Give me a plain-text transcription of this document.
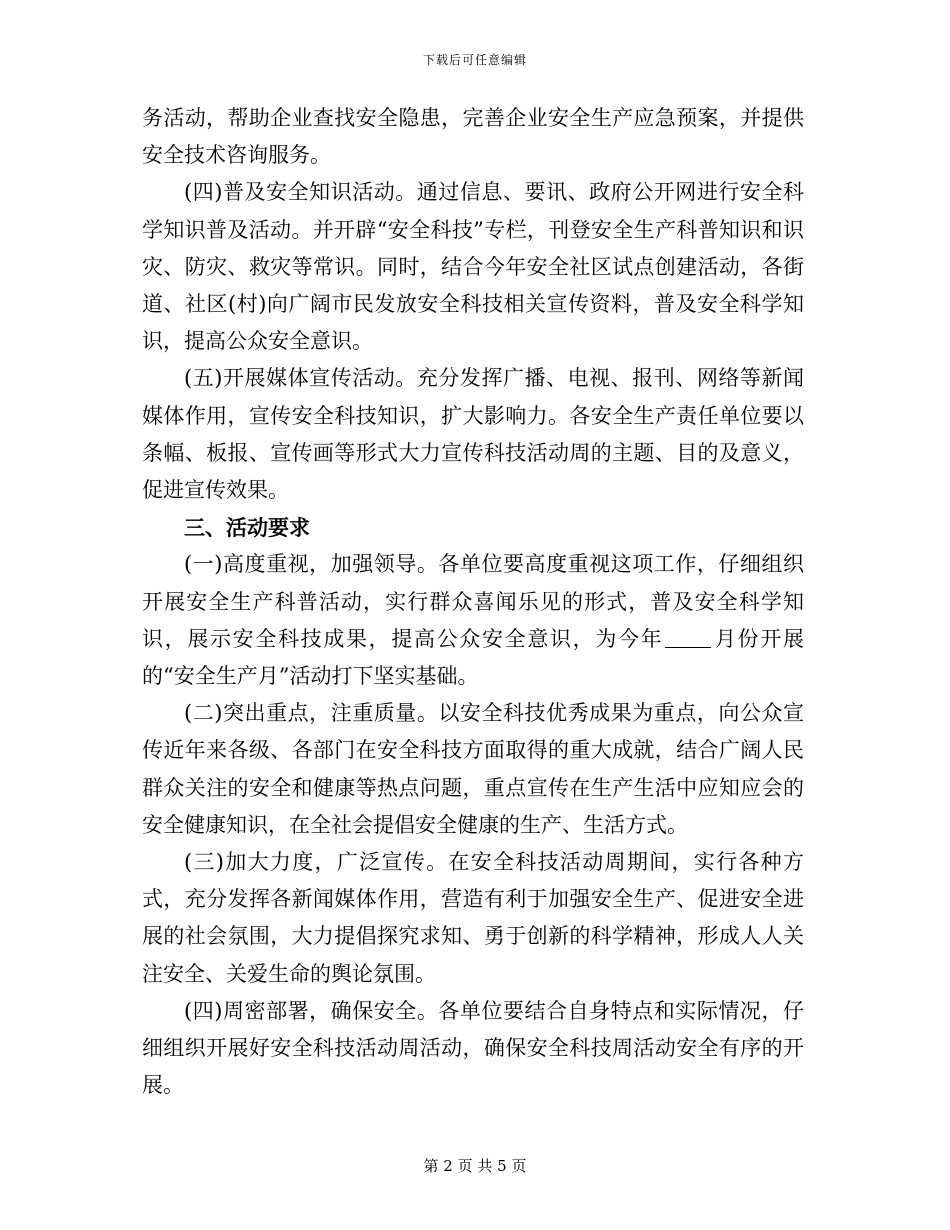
下载后可任意编辑

务活动，帮助企业查找安全隐患，完善企业安全生产应急预案，并提供安全技术咨询服务。

(四)普及安全知识活动。通过信息、要讯、政府公开网进行安全科学知识普及活动。并开辟“安全科技”专栏，刊登安全生产科普知识和识灾、防灾、救灾等常识。同时，结合今年安全社区试点创建活动，各街道、社区(村)向广阔市民发放安全科技相关宣传资料，普及安全科学知识，提高公众安全意识。

(五)开展媒体宣传活动。充分发挥广播、电视、报刊、网络等新闻媒体作用，宣传安全科技知识，扩大影响力。各安全生产责任单位要以条幅、板报、宣传画等形式大力宣传科技活动周的主题、目的及意义，促进宣传效果。

三、活动要求

(一)高度重视，加强领导。各单位要高度重视这项工作，仔细组织开展安全生产科普活动，实行群众喜闻乐见的形式，普及安全科学知识，展示安全科技成果，提高公众安全意识，为今年 月份开展的“安全生产月”活动打下坚实基础。

(二)突出重点，注重质量。以安全科技优秀成果为重点，向公众宣传近年来各级、各部门在安全科技方面取得的重大成就，结合广阔人民群众关注的安全和健康等热点问题，重点宣传在生产生活中应知应会的安全健康知识，在全社会提倡安全健康的生产、生活方式。

(三)加大力度，广泛宣传。在安全科技活动周期间，实行各种方式，充分发挥各新闻媒体作用，营造有利于加强安全生产、促进安全进展的社会氛围，大力提倡探究求知、勇于创新的科学精神，形成人人关注安全、关爱生命的舆论氛围。

(四)周密部署，确保安全。各单位要结合自身特点和实际情况，仔细组织开展好安全科技活动周活动，确保安全科技周活动安全有序的开展。

第 2 页 共 5 页
